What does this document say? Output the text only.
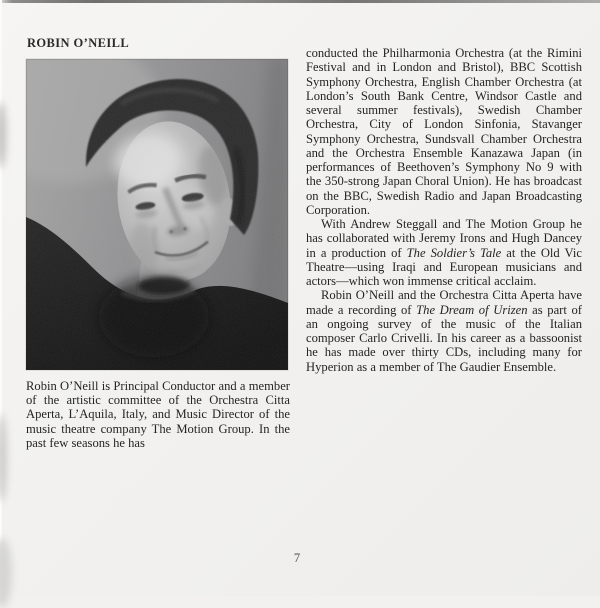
ROBIN O’NEILL

Robin O’Neill is Principal Conductor and a member of the artistic committee of the Orchestra Citta Aperta, L’Aquila, Italy, and Music Director of the music theatre company The Motion Group. In the past few seasons he has

conducted the Philharmonia Orchestra (at the Rimini Festival and in London and Bristol), BBC Scottish Symphony Orchestra, English Chamber Orchestra (at London’s South Bank Centre, Windsor Castle and several summer festivals), Swedish Chamber Orchestra, City of London Sinfonia, Stavanger Symphony Orchestra, Sundsvall Chamber Orchestra and the Orchestra Ensemble Kanazawa Japan (in performances of Beethoven’s Symphony No 9 with the 350-strong Japan Choral Union). He has broadcast on the BBC, Swedish Radio and Japan Broadcasting Corporation.

With Andrew Steggall and The Motion Group he has collaborated with Jeremy Irons and Hugh Dancey in a production of The Soldier’s Tale at the Old Vic Theatre—using Iraqi and European musicians and actors—which won immense critical acclaim.

Robin O’Neill and the Orchestra Citta Aperta have made a recording of The Dream of Urizen as part of an ongoing survey of the music of the Italian composer Carlo Crivelli. In his career as a bassoonist he has made over thirty CDs, including many for Hyperion as a member of The Gaudier Ensemble.

7
